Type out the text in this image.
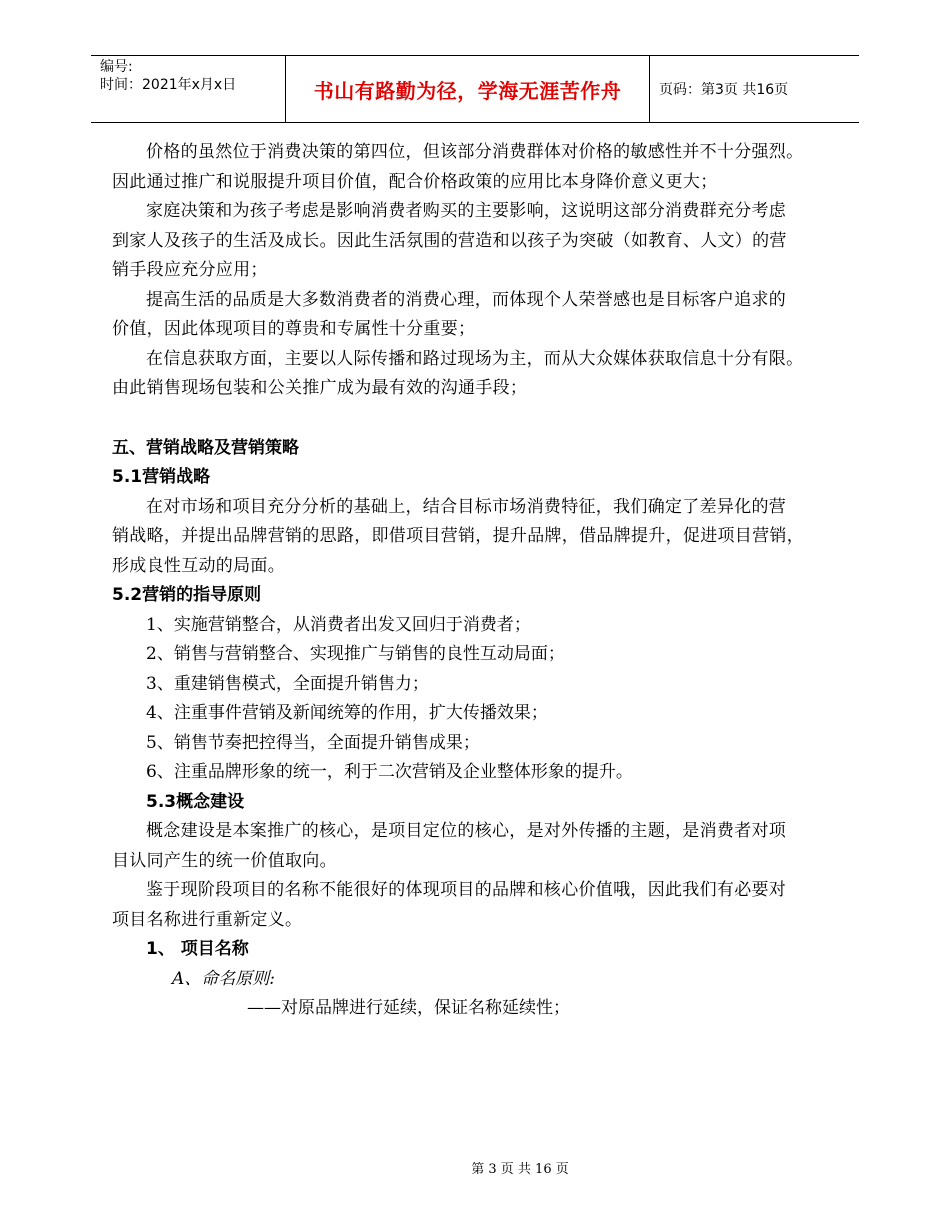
编号:
时间：2021年x月x日	书山有路勤为径，学海无涯苦作舟	页码：第3页 共16页

价格的虽然位于消费决策的第四位，但该部分消费群体对价格的敏感性并不十分强烈。

因此通过推广和说服提升项目价值，配合价格政策的应用比本身降价意义更大；

家庭决策和为孩子考虑是影响消费者购买的主要影响，这说明这部分消费群充分考虑

到家人及孩子的生活及成长。因此生活氛围的营造和以孩子为突破（如教育、人文）的营

销手段应充分应用；

提高生活的品质是大多数消费者的消费心理，而体现个人荣誉感也是目标客户追求的

价值，因此体现项目的尊贵和专属性十分重要；

在信息获取方面，主要以人际传播和路过现场为主，而从大众媒体获取信息十分有限。

由此销售现场包装和公关推广成为最有效的沟通手段；

五、营销战略及营销策略

5.1营销战略

在对市场和项目充分分析的基础上，结合目标市场消费特征，我们确定了差异化的营

销战略，并提出品牌营销的思路，即借项目营销，提升品牌，借品牌提升，促进项目营销，

形成良性互动的局面。

5.2营销的指导原则

1、实施营销整合，从消费者出发又回归于消费者；

2、销售与营销整合、实现推广与销售的良性互动局面；

3、重建销售模式，全面提升销售力；

4、注重事件营销及新闻统筹的作用，扩大传播效果；

5、销售节奏把控得当，全面提升销售成果；

6、注重品牌形象的统一，利于二次营销及企业整体形象的提升。

5.3概念建设

概念建设是本案推广的核心，是项目定位的核心，是对外传播的主题，是消费者对项

目认同产生的统一价值取向。

鉴于现阶段项目的名称不能很好的体现项目的品牌和核心价值哦，因此我们有必要对

项目名称进行重新定义。

1、 项目名称

A、命名原则:

——对原品牌进行延续，保证名称延续性；

第 3 页 共 16 页
